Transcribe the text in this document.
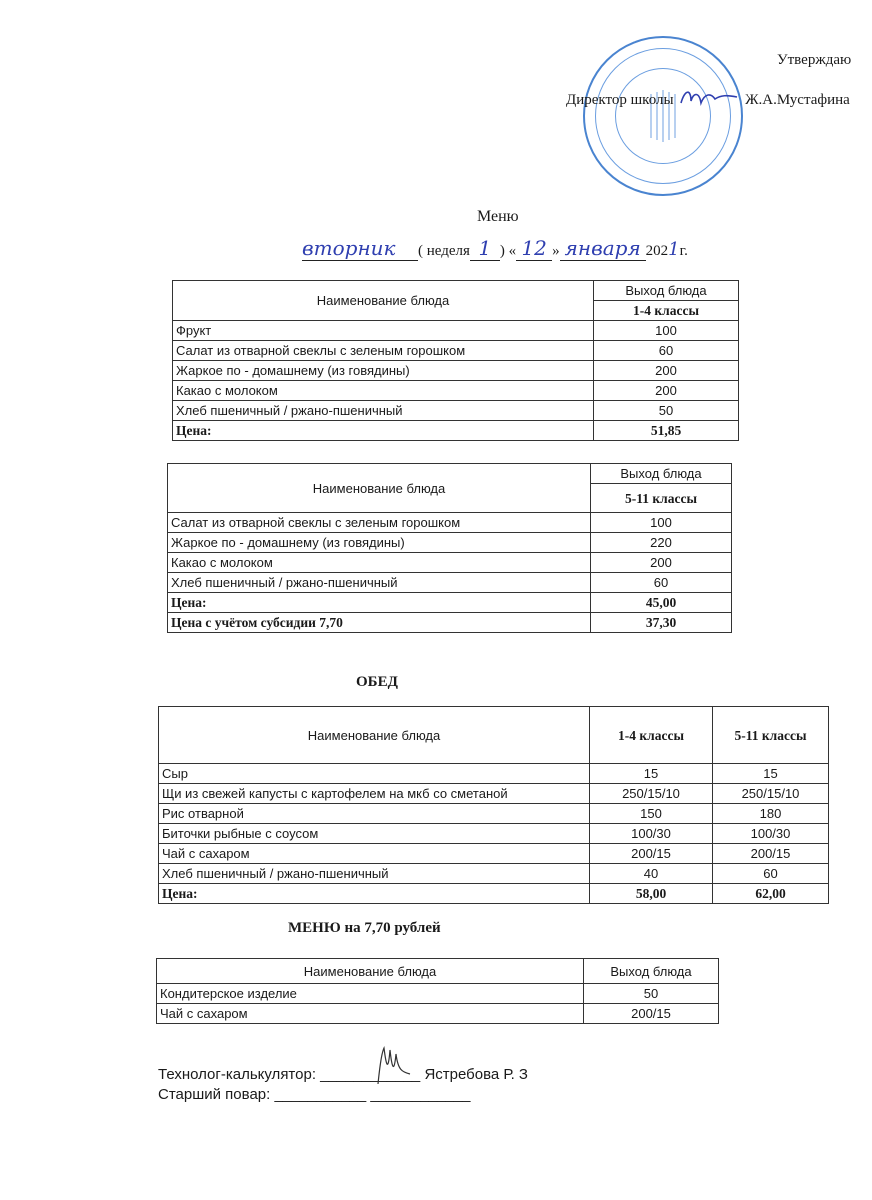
Утверждаю
Директор школы	Ж.А.Мустафина
Меню
вторник ( неделя 1 ) « 12 » января 2021г.
Наименование блюда	Выход блюда
	1-4 классы
Фрукт	100
Салат из отварной свеклы с зеленым горошком	60
Жаркое по - домашнему (из говядины)	200
Какао с молоком	200
Хлеб пшеничный / ржано-пшеничный	50
Цена:	51,85
Наименование блюда	Выход блюда
	5-11 классы
Салат из отварной свеклы с зеленым горошком	100
Жаркое по - домашнему (из говядины)	220
Какао с молоком	200
Хлеб пшеничный / ржано-пшеничный	60
Цена:	45,00
Цена с учётом субсидии 7,70	37,30
ОБЕД
Наименование блюда	1-4 классы	5-11 классы
Сыр	15	15
Щи из свежей капусты с картофелем на мкб со сметаной	250/15/10	250/15/10
Рис отварной	150	180
Биточки рыбные с соусом	100/30	100/30
Чай с сахаром	200/15	200/15
Хлеб пшеничный / ржано-пшеничный	40	60
Цена:	58,00	62,00
МЕНЮ на 7,70 рублей
Наименование блюда	Выход блюда
Кондитерское изделие	50
Чай с сахаром	200/15
Технолог-калькулятор: ____________ Ястребова Р. З
Старший повар: ___________ ____________
